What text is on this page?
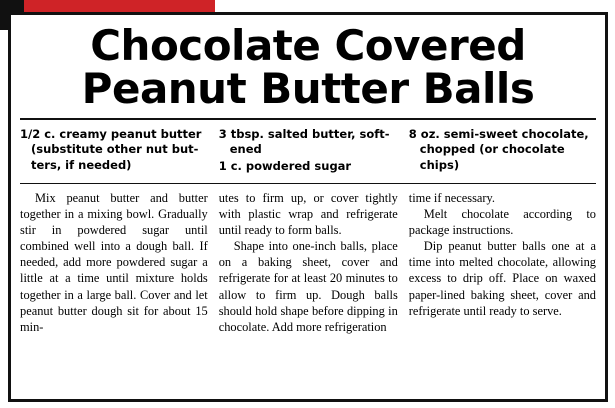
Chocolate Covered
Peanut Butter Balls
1/2 c. creamy peanut butter
(substitute other nut but-
ters, if needed)
3 tbsp. salted butter, soft-
ened
1 c. powdered sugar
8 oz. semi-sweet chocolate,
chopped (or chocolate
chips)

Mix peanut butter and butter together in a mixing bowl. Gradually stir in powdered sugar until combined well into a dough ball. If needed, add more powdered sugar a little at a time until mixture holds together in a large ball. Cover and let peanut butter dough sit for about 15 min-

utes to firm up, or cover tightly with plastic wrap and refrigerate until ready to form balls.

Shape into one-inch balls, place on a baking sheet, cover and refrigerate for at least 20 minutes to allow to firm up. Dough balls should hold shape before dipping in chocolate. Add more refrigeration

time if necessary.

Melt chocolate according to package instructions.

Dip peanut butter balls one at a time into melted chocolate, allowing excess to drip off. Place on waxed paper-lined baking sheet, cover and refrigerate until ready to serve.
